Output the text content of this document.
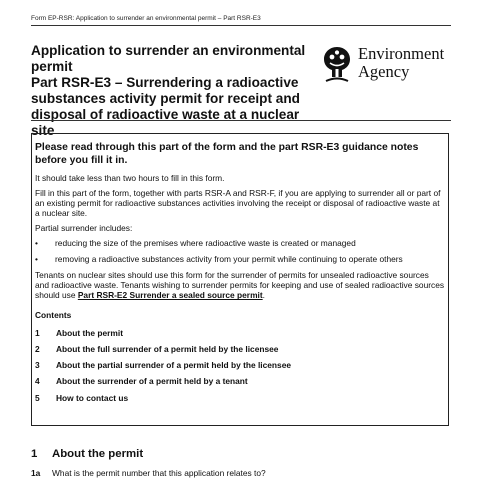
Form EP-RSR: Application to surrender an environmental permit – Part RSR-E3
Application to surrender an environmental permit
Part RSR-E3 – Surrendering a radioactive substances activity permit for receipt and disposal of radioactive waste at a nuclear site
Environment
Agency
Please read through this part of the form and the part RSR-E3 guidance notes before you fill it in.
It should take less than two hours to fill in this form.
Fill in this part of the form, together with parts RSR-A and RSR-F, if you are applying to surrender all or part of an existing permit for radioactive substances activities involving the receipt or disposal of radioactive waste at a nuclear site.
Partial surrender includes:
•	reducing the size of the premises where radioactive waste is created or managed
•	removing a radioactive substances activity from your permit while continuing to operate others
Tenants on nuclear sites should use this form for the surrender of permits for unsealed radioactive sources and radioactive waste. Tenants wishing to surrender permits for keeping and use of sealed radioactive sources should use Part RSR-E2 Surrender a sealed source permit.
Contents
1	About the permit
2	About the full surrender of a permit held by the licensee
3	About the partial surrender of a permit held by the licensee
4	About the surrender of a permit held by a tenant
5	How to contact us
1	About the permit
1a	What is the permit number that this application relates to?
